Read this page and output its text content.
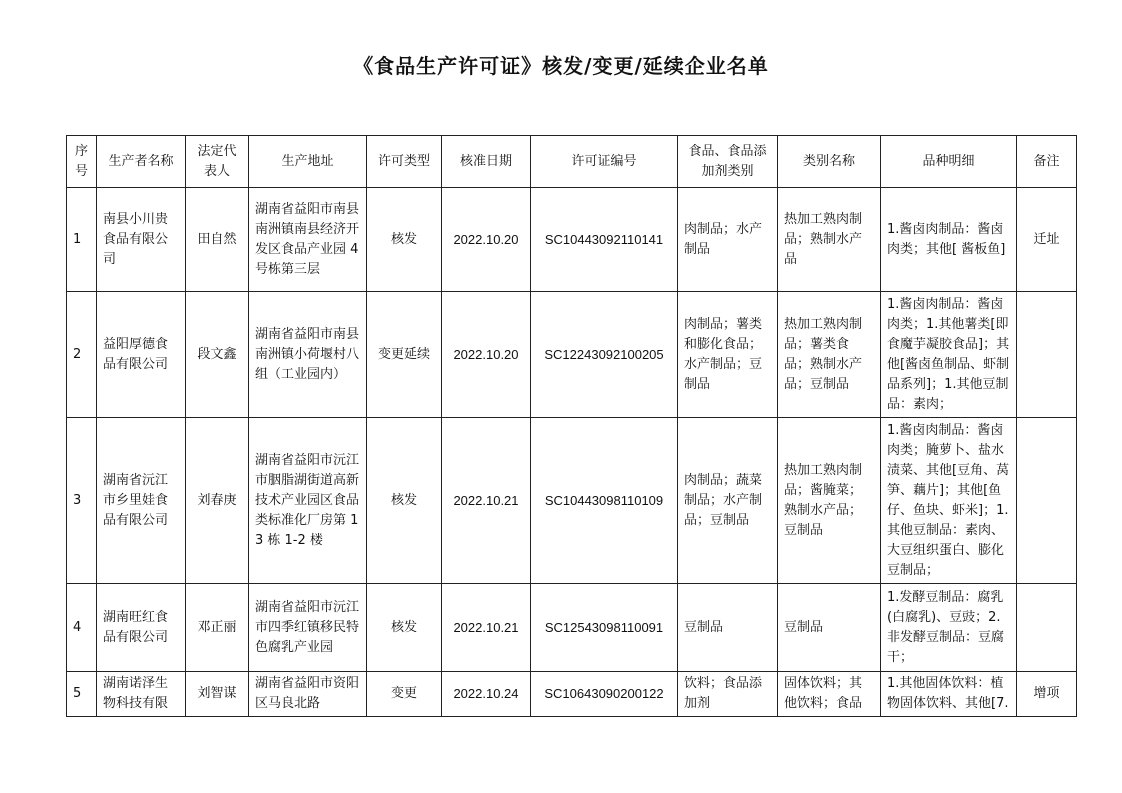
《食品生产许可证》核发/变更/延续企业名单
序号	生产者名称	法定代表人	生产地址	许可类型	核准日期	许可证编号	食品、食品添加剂类别	类别名称	品种明细	备注
1	南县小川贵食品有限公司	田自然	湖南省益阳市南县南洲镇南县经济开发区食品产业园 4 号栋第三层	核发	2022.10.20	SC10443092110141	肉制品；水产制品	热加工熟肉制品；熟制水产品	1.酱卤肉制品：酱卤肉类；其他[ 酱板鱼]	迁址
2	益阳厚德食品有限公司	段文鑫	湖南省益阳市南县南洲镇小荷堰村八组（工业园内）	变更延续	2022.10.20	SC12243092100205	肉制品；薯类和膨化食品；水产制品；豆制品	热加工熟肉制品；薯类食品；熟制水产品；豆制品	1.酱卤肉制品：酱卤肉类；1.其他薯类[即食魔芋凝胶食品]；其他[酱卤鱼制品、虾制品系列]；1.其他豆制品：素肉；	
3	湖南省沅江市乡里娃食品有限公司	刘春庚	湖南省益阳市沅江市胭脂湖街道高新技术产业园区食品类标准化厂房第 13 栋 1-2 楼	核发	2022.10.21	SC10443098110109	肉制品；蔬菜制品；水产制品；豆制品	热加工熟肉制品；酱腌菜；熟制水产品；豆制品	1.酱卤肉制品：酱卤肉类；腌萝卜、盐水渍菜、其他[豆角、莴笋、藕片]；其他[鱼仔、鱼块、虾米]；1.其他豆制品：素肉、大豆组织蛋白、膨化豆制品；	
4	湖南旺红食品有限公司	邓正丽	湖南省益阳市沅江市四季红镇移民特色腐乳产业园	核发	2022.10.21	SC12543098110091	豆制品	豆制品	1.发酵豆制品：腐乳(白腐乳)、豆豉；2.非发酵豆制品：豆腐干；	
5	湖南诺泽生物科技有限	刘智谋	湖南省益阳市资阳区马良北路	变更	2022.10.24	SC10643090200122	饮料；食品添加剂	固体饮料；其他饮料；食品	1.其他固体饮料：植物固体饮料、其他[7.	增项
